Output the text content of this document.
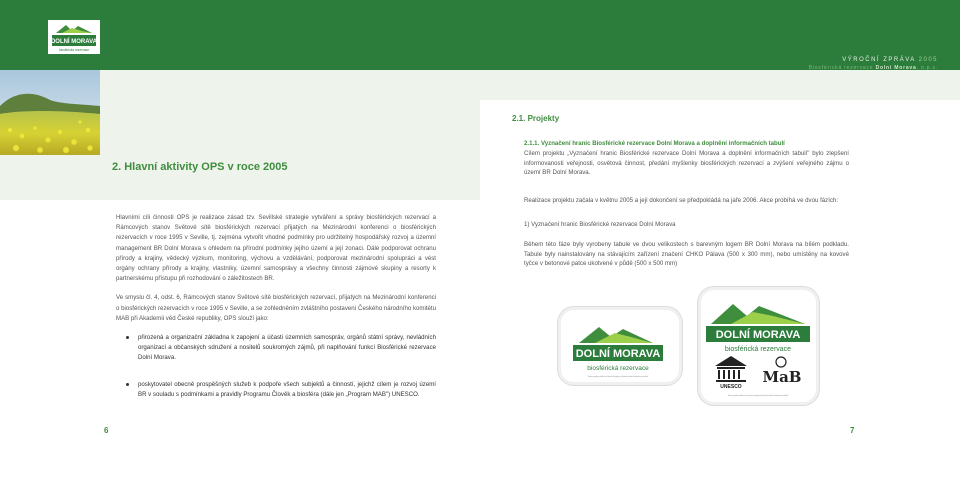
DOLNÍ MORAVA
biosférická rezervace
2. Hlavní aktivity OPS v roce 2005

Hlavními cíli činnosti OPS je realizace zásad tzv. Sevillské strategie vytváření a správy biosférických rezervací a Rámcových stanov Světové sítě biosférických rezervací přijatých na Mezinárodní konferenci o biosférických rezervacích v roce 1995 v Seville, tj. zejména vytvořit vhodné podmínky pro udržitelný hospodářský rozvoj a územní management BR Dolní Morava s ohledem na přírodní podmínky jejího území a její zonaci. Dále podporovat ochranu přírody a krajiny, vědecký výzkum, monitoring, výchovu a vzdělávání, podporovat mezinárodní spolupráci a vést orgány ochrany přírody a krajiny, vlastníky, územní samosprávy a všechny činnosti zájmové skupiny a resorty k partnerskému přístupu při rozhodování o záležitostech BR.

Ve smyslu čl. 4, odst. 6, Rámcových stanov Světové sítě biosférických rezervací, přijatých na Mezinárodní konferenci o biosférických rezervacích v roce 1995 v Seville, a se zohledněním zvláštního postavení Českého národního komitétu MAB při Akademii věd České republiky, OPS slouží jako:

přirozená a organizační základna k zapojení a účasti územních samospráv, orgánů státní správy, nevládních organizací a občanských sdružení a nositelů soukromých zájmů, při naplňování funkcí Biosférické rezervace Dolní Morava.
poskytovatel obecně prospěšných služeb k podpoře všech subjektů a činností, jejichž cílem je rozvoj území BR v souladu s podmínkami a pravidly Programu Člověk a biosféra (dále jen „Program MAB") UNESCO.
6
VÝROČNÍ ZPRÁVA 2005
Biosférická rezervace Dolní Morava, o.p.s.
2.1. Projekty

2.1.1. Vyznačení hranic Biosférické rezervace Dolní Morava a doplnění informačních tabulí
Cílem projektu „Vyznačení hranic Biosférické rezervace Dolní Morava a doplnění informačních tabulí" bylo zlepšení informovanosti veřejnosti, osvětová činnost, předání myšlenky biosférických rezervací a zvýšení veřejného zájmu o území BR Dolní Morava.

Realizace projektu začala v květnu 2005 a její dokončení se předpokládá na jaře 2006. Akce probíhá ve dvou fázích:

1) Vyznačení hranic Biosférické rezervace Dolní Morava

Během této fáze byly vyrobeny tabule ve dvou velikostech s barevným logem BR Dolní Morava na bílém podkladu. Tabule byly nainstalovány na stávajícím zařízení značení CHKO Pálava (500 x 300 mm), nebo umístěny na kovové tyčce v betonové patce ukotvené v půdě (500 x 500 mm)

DOLNÍ MORAVA
biosférická rezervace
Tento projekt probíhá za finanční podpory Státního fondu životního prostředí
DOLNÍ MORAVA
biosférická rezervace
UNESCO
MaB
Tento projekt probíhá za finanční podpory Státního fondu životního prostředí
7
